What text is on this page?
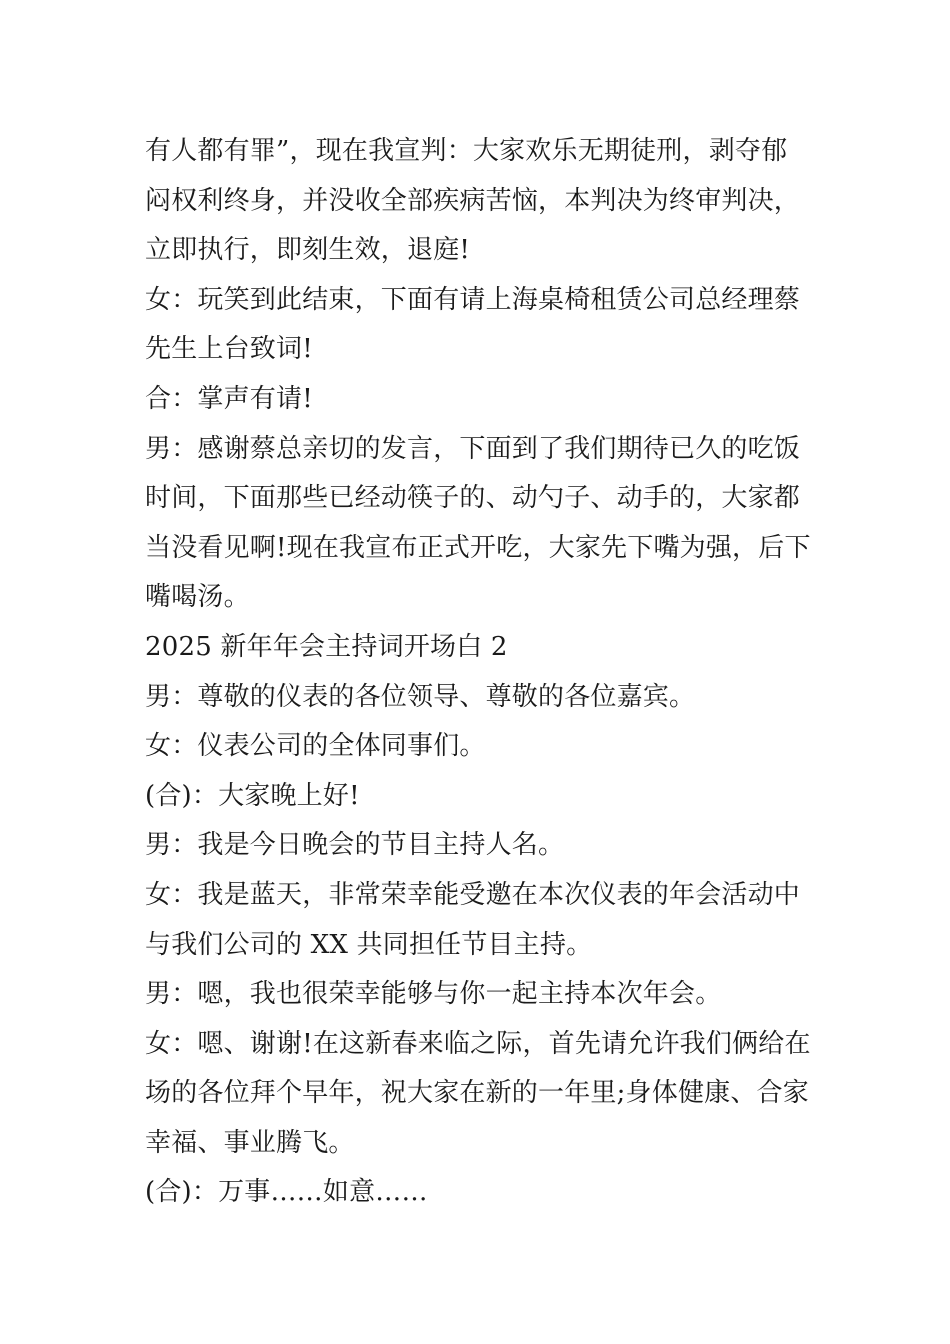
有人都有罪”，现在我宣判：大家欢乐无期徒刑，剥夺郁
闷权利终身，并没收全部疾病苦恼，本判决为终审判决，
立即执行，即刻生效，退庭!
女：玩笑到此结束，下面有请上海桌椅租赁公司总经理蔡
先生上台致词!
合：掌声有请!
男：感谢蔡总亲切的发言，下面到了我们期待已久的吃饭
时间，下面那些已经动筷子的、动勺子、动手的，大家都
当没看见啊!现在我宣布正式开吃，大家先下嘴为强，后下
嘴喝汤。
2025 新年年会主持词开场白 2
男：尊敬的仪表的各位领导、尊敬的各位嘉宾。
女：仪表公司的全体同事们。
(合)：大家晚上好!
男：我是今日晚会的节目主持人名。
女：我是蓝天，非常荣幸能受邀在本次仪表的年会活动中
与我们公司的 XX 共同担任节目主持。
男：嗯，我也很荣幸能够与你一起主持本次年会。
女：嗯、谢谢!在这新春来临之际，首先请允许我们俩给在
场的各位拜个早年，祝大家在新的一年里;身体健康、合家
幸福、事业腾飞。
(合)：万事……如意……
